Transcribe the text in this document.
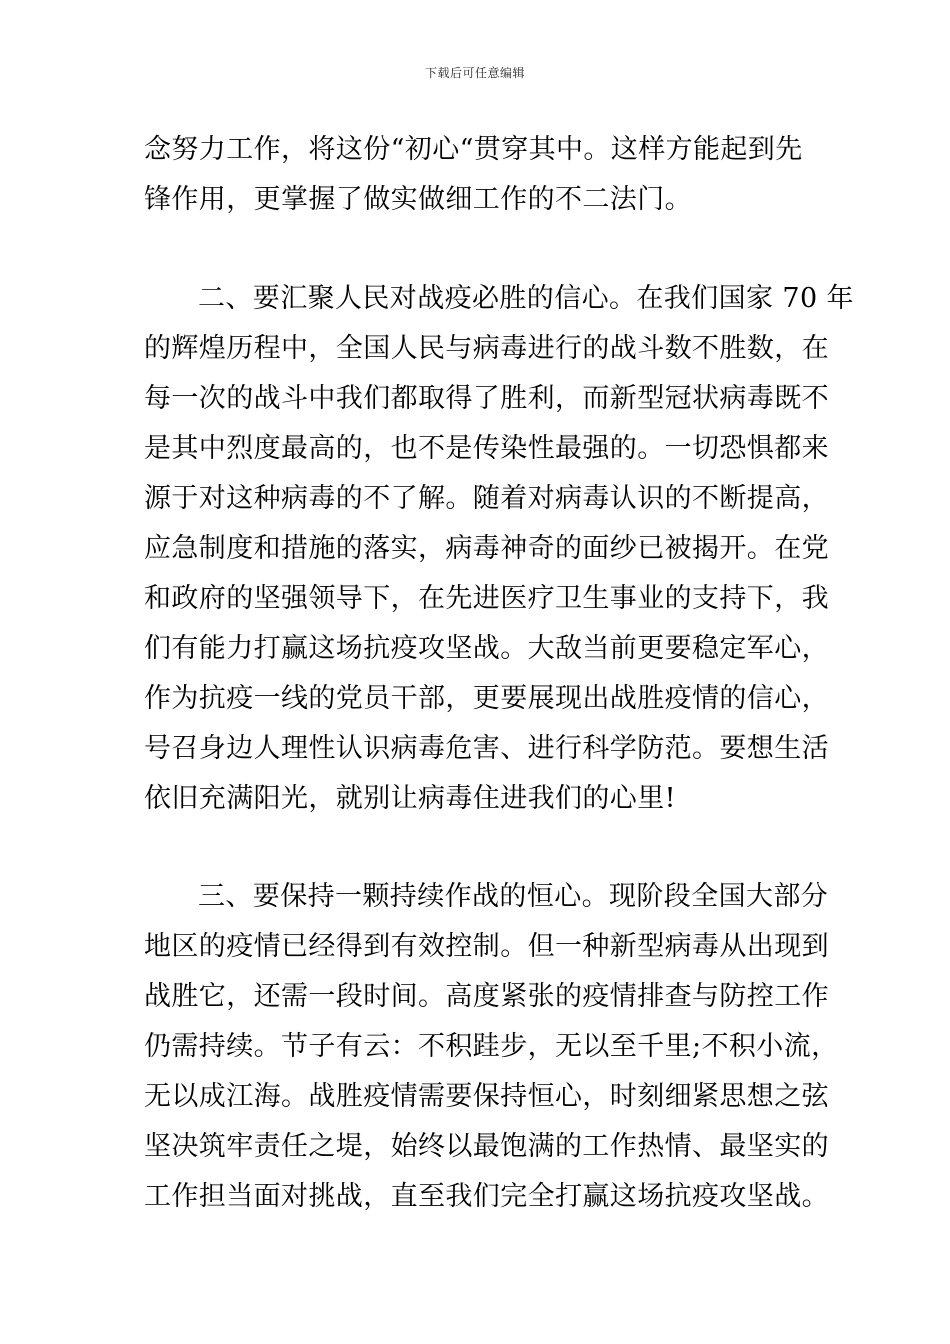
下载后可任意编辑
念努力工作，将这份“初心“贯穿其中。这样方能起到先
锋作用，更掌握了做实做细工作的不二法门。
二、要汇聚人民对战疫必胜的信心。在我们国家 70 年
的辉煌历程中，全国人民与病毒进行的战斗数不胜数，在
每一次的战斗中我们都取得了胜利，而新型冠状病毒既不
是其中烈度最高的，也不是传染性最强的。一切恐惧都来
源于对这种病毒的不了解。随着对病毒认识的不断提高，
应急制度和措施的落实，病毒神奇的面纱已被揭开。在党
和政府的坚强领导下，在先进医疗卫生事业的支持下，我
们有能力打赢这场抗疫攻坚战。大敌当前更要稳定军心，
作为抗疫一线的党员干部，更要展现出战胜疫情的信心，
号召身边人理性认识病毒危害、进行科学防范。要想生活
依旧充满阳光，就别让病毒住进我们的心里!
三、要保持一颗持续作战的恒心。现阶段全国大部分
地区的疫情已经得到有效控制。但一种新型病毒从出现到
战胜它，还需一段时间。高度紧张的疫情排查与防控工作
仍需持续。节子有云：不积跬步，无以至千里;不积小流，
无以成江海。战胜疫情需要保持恒心，时刻细紧思想之弦
坚决筑牢责任之堤，始终以最饱满的工作热情、最坚实的
工作担当面对挑战，直至我们完全打赢这场抗疫攻坚战。
